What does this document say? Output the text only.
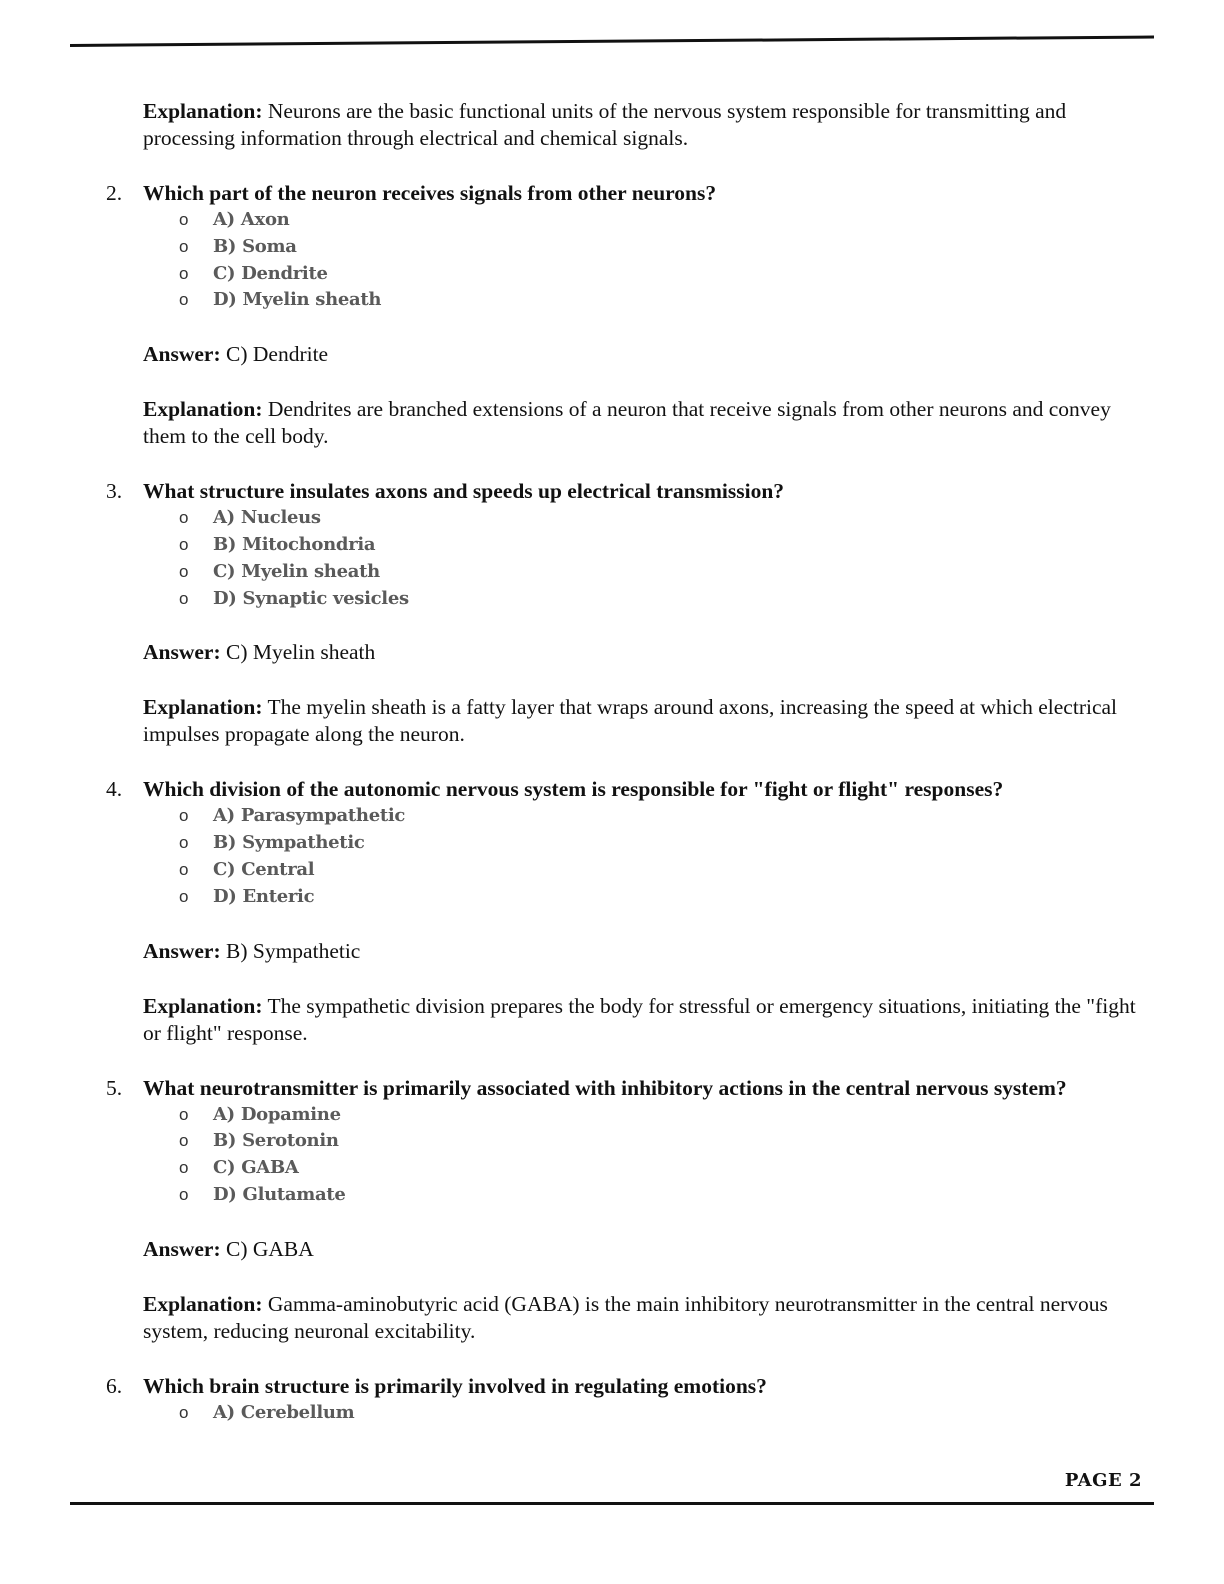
Explanation: Neurons are the basic functional units of the nervous system responsible for transmitting and processing information through electrical and chemical signals.

2. Which part of the neuron receives signals from other neurons?
o A) Axon
o B) Soma
o C) Dendrite
o D) Myelin sheath

Answer: C) Dendrite

Explanation: Dendrites are branched extensions of a neuron that receive signals from other neurons and convey them to the cell body.

3. What structure insulates axons and speeds up electrical transmission?
o A) Nucleus
o B) Mitochondria
o C) Myelin sheath
o D) Synaptic vesicles

Answer: C) Myelin sheath

Explanation: The myelin sheath is a fatty layer that wraps around axons, increasing the speed at which electrical impulses propagate along the neuron.

4. Which division of the autonomic nervous system is responsible for "fight or flight" responses?
o A) Parasympathetic
o B) Sympathetic
o C) Central
o D) Enteric

Answer: B) Sympathetic

Explanation: The sympathetic division prepares the body for stressful or emergency situations, initiating the "fight or flight" response.

5. What neurotransmitter is primarily associated with inhibitory actions in the central nervous system?
o A) Dopamine
o B) Serotonin
o C) GABA
o D) Glutamate

Answer: C) GABA

Explanation: Gamma-aminobutyric acid (GABA) is the main inhibitory neurotransmitter in the central nervous system, reducing neuronal excitability.

6. Which brain structure is primarily involved in regulating emotions?
o A) Cerebellum
PAGE 2
